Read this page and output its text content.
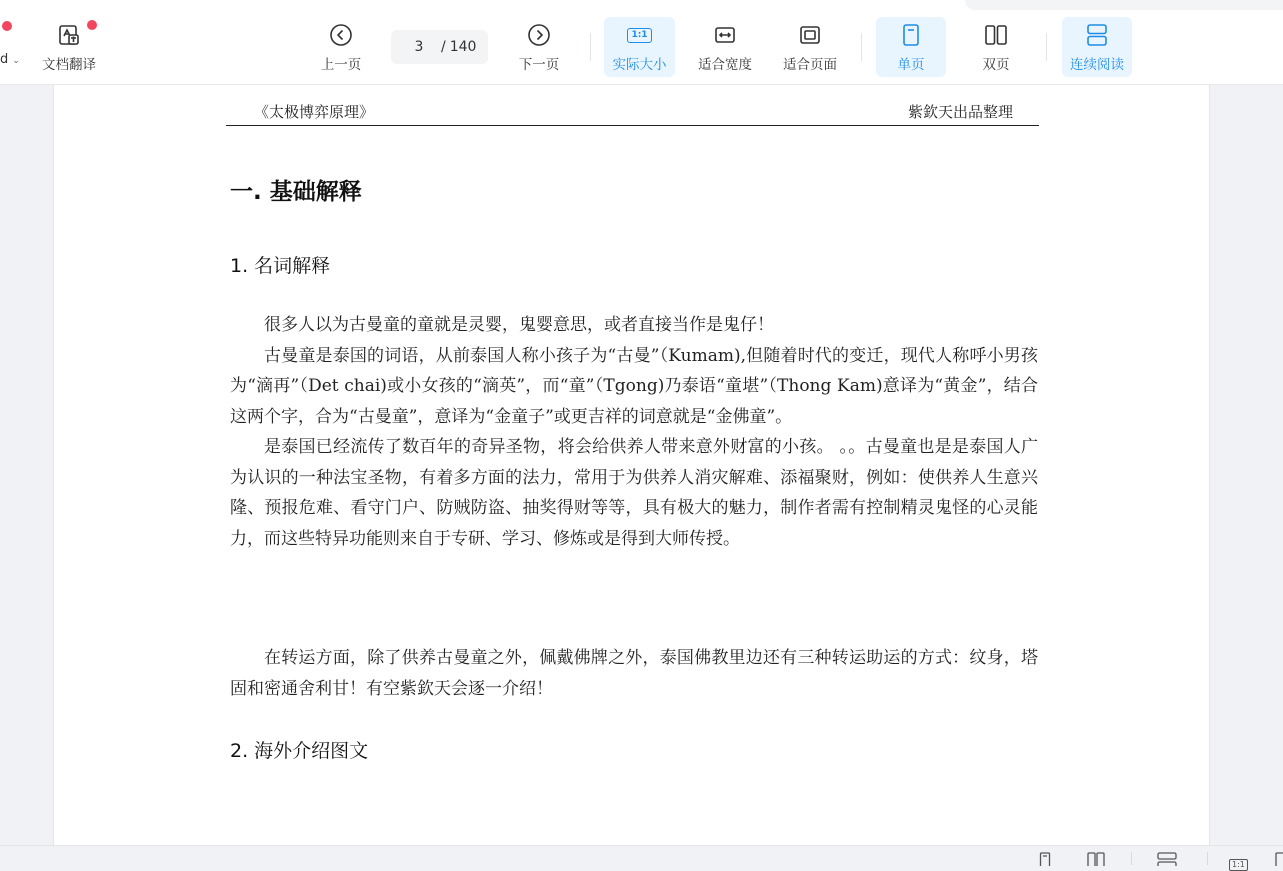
d ⌄ 文档翻译	上一页
3	/ 140
下一页
1:1
实际大小 适合宽度 适合页面	单页	双页	连续阅读
《太极博弈原理》	紫欽天出品整理
一. 基础解释
1. 名词解释

很多人以为古曼童的童就是灵婴，鬼婴意思，或者直接当作是鬼仔！

古曼童是泰国的词语，从前泰国人称小孩子为“古曼”（Kumam),但随着时代的变迁，现代人称呼小男孩为“滴再”（Det chai)或小女孩的“滴英”，而“童”（Tgong)乃泰语“童堪”（Thong Kam)意译为“黄金”，结合这两个字，合为“古曼童”，意译为“金童子”或更吉祥的词意就是“金佛童”。

是泰国已经流传了数百年的奇异圣物，将会给供养人带来意外财富的小孩。 。。古曼童也是是泰国人广为认识的一种法宝圣物，有着多方面的法力，常用于为供养人消灾解难、添福聚财，例如：使供养人生意兴隆、预报危难、看守门户、防贼防盗、抽奖得财等等，具有极大的魅力，制作者需有控制精灵鬼怪的心灵能力，而这些特异功能则来自于专研、学习、修炼或是得到大师传授。

在转运方面，除了供养古曼童之外，佩戴佛牌之外，泰国佛教里边还有三种转运助运的方式：纹身，塔固和密通舍利甘！有空紫欽天会逐一介绍！

2. 海外介绍图文
1:1
